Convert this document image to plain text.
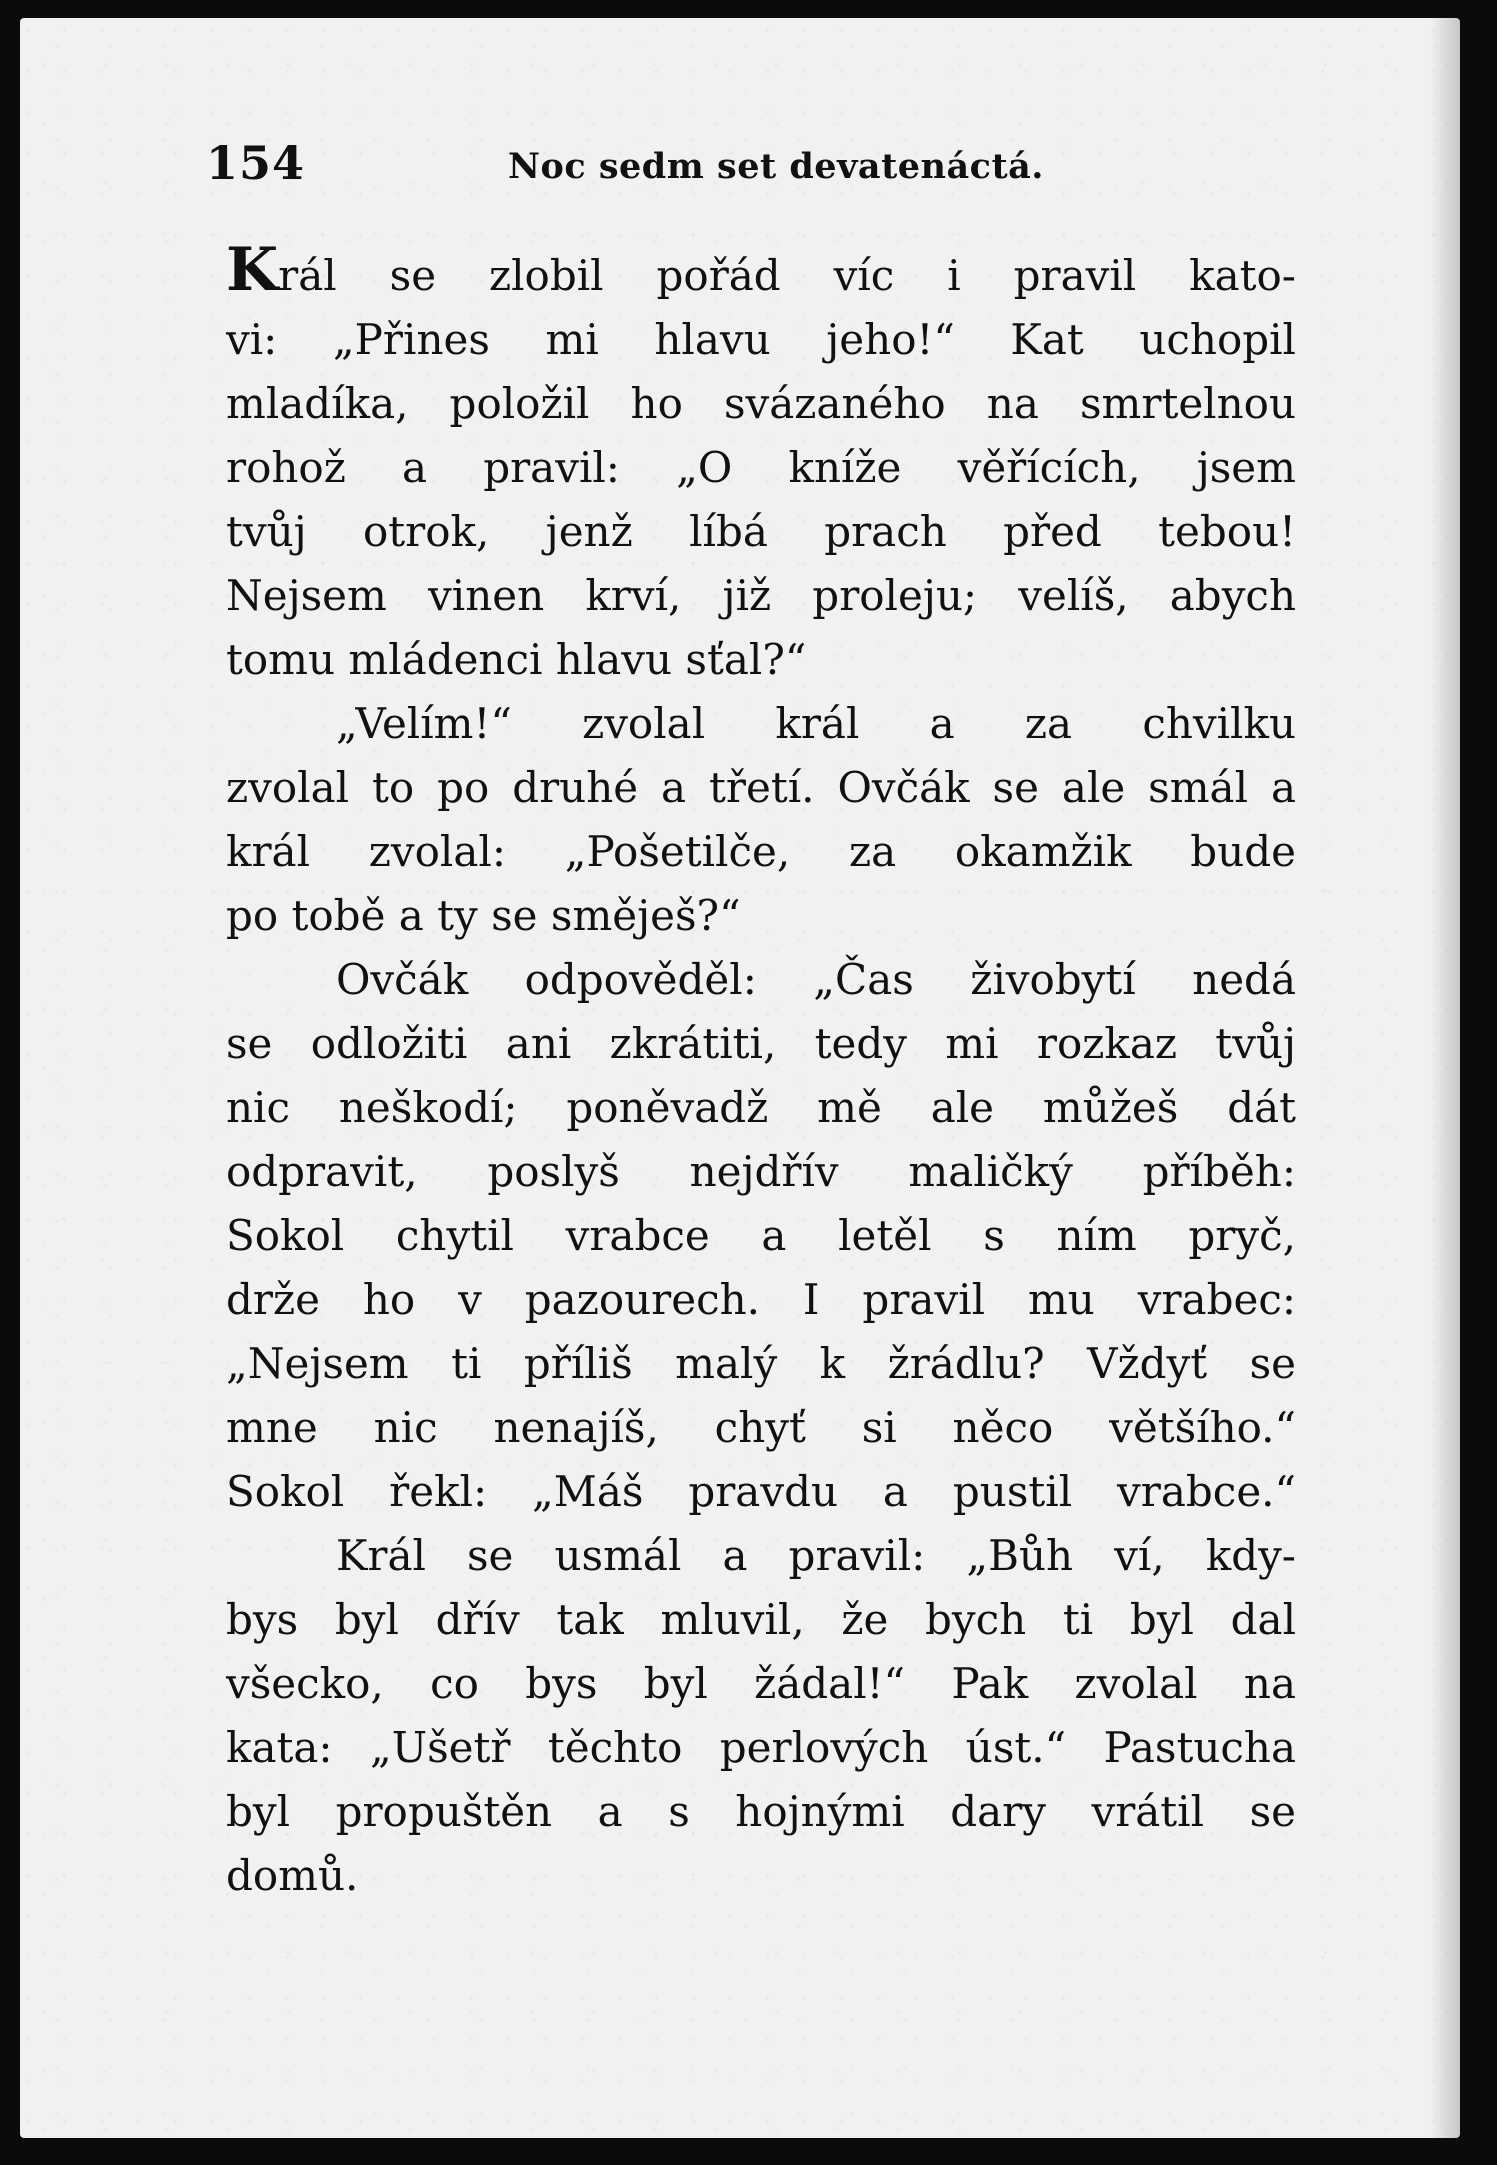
154	Noc sedm set devatenáctá.
Král se zlobil pořád víc i pravil kato-
vi: „Přines mi hlavu jeho!“ Kat uchopil
mladíka, položil ho svázaného na smrtelnou
rohož a pravil: „O kníže věřících, jsem
tvůj otrok, jenž líbá prach před tebou!
Nejsem vinen krví, již proleju; velíš, abych
tomu mládenci hlavu sťal?“
„Velím!“ zvolal král a za chvilku
zvolal to po druhé a třetí. Ovčák se ale smál a
král zvolal: „Pošetilče, za okamžik bude
po tobě a ty se směješ?“
Ovčák odpověděl: „Čas živobytí nedá
se odložiti ani zkrátiti, tedy mi rozkaz tvůj
nic neškodí; poněvadž mě ale můžeš dát
odpravit, poslyš nejdřív maličký příběh:
Sokol chytil vrabce a letěl s ním pryč,
drže ho v pazourech. I pravil mu vrabec:
„Nejsem ti příliš malý k žrádlu? Vždyť se
mne nic nenajíš, chyť si něco většího.“
Sokol řekl: „Máš pravdu a pustil vrabce.“
Král se usmál a pravil: „Bůh ví, kdy-
bys byl dřív tak mluvil, že bych ti byl dal
všecko, co bys byl žádal!“ Pak zvolal na
kata: „Ušetř těchto perlových úst.“ Pastucha
byl propuštěn a s hojnými dary vrátil se
domů.
